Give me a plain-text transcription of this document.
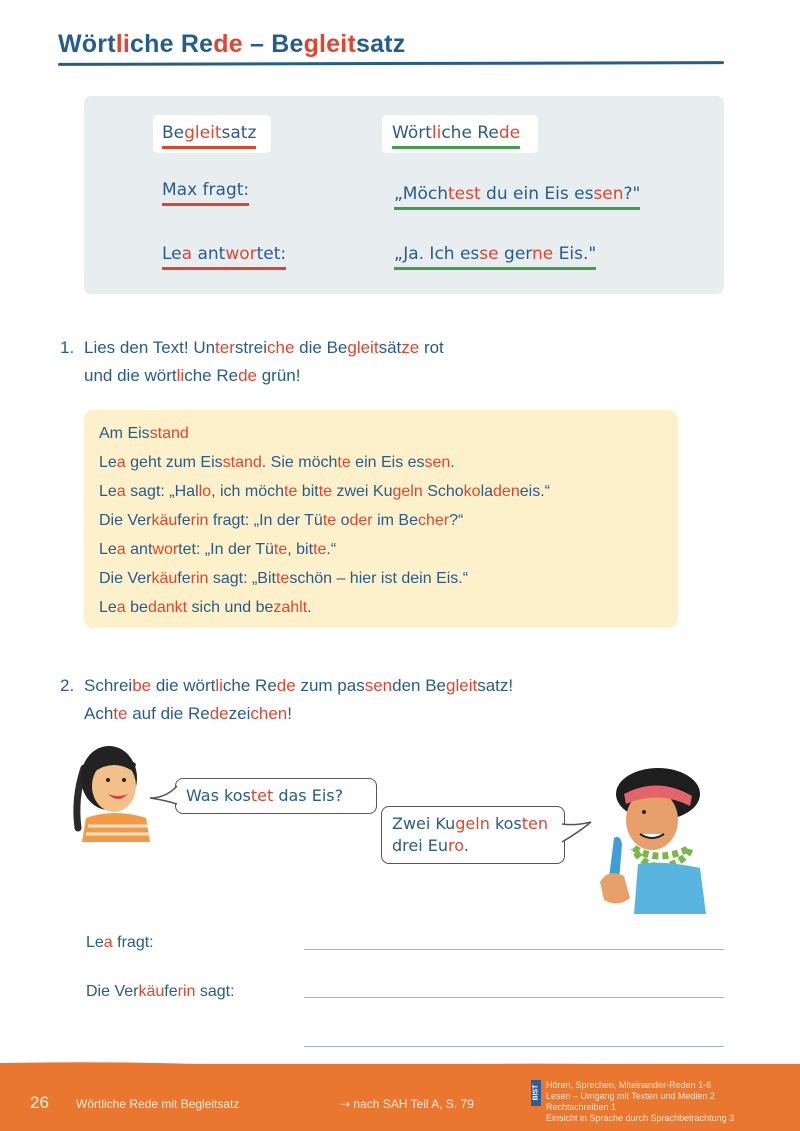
Wörtliche Rede – Begleitsatz
Begleitsatz	Wörtliche Rede
Max fragt:	„Möchtest du ein Eis essen?"
Lea antwortet:	„Ja. Ich esse gerne Eis."
1. Lies den Text! Unterstreiche die Begleitsätze rot
und die wörtliche Rede grün!
Am Eisstand
Lea geht zum Eisstand. Sie möchte ein Eis essen.
Lea sagt: „Hallo, ich möchte bitte zwei Kugeln Schokoladeneis.“
Die Verkäuferin fragt: „In der Tüte oder im Becher?“
Lea antwortet: „In der Tüte, bitte.“
Die Verkäuferin sagt: „Bitteschön – hier ist dein Eis.“
Lea bedankt sich und bezahlt.
2. Schreibe die wörtliche Rede zum passenden Begleitsatz!
Achte auf die Redezeichen!
Was kostet das Eis?
Zwei Kugeln kosten
drei Euro.
Lea fragt:
Die Verkäuferin sagt:
26 Wörtliche Rede mit Begleitsatz	⇢ nach SAH Teil A, S. 79
BIST Hören, Sprechen, Miteinander-Reden 1-6
Lesen – Umgang mit Texten und Medien 2
Rechtschreiben 1
Einsicht in Sprache durch Sprachbetrachtung 3
